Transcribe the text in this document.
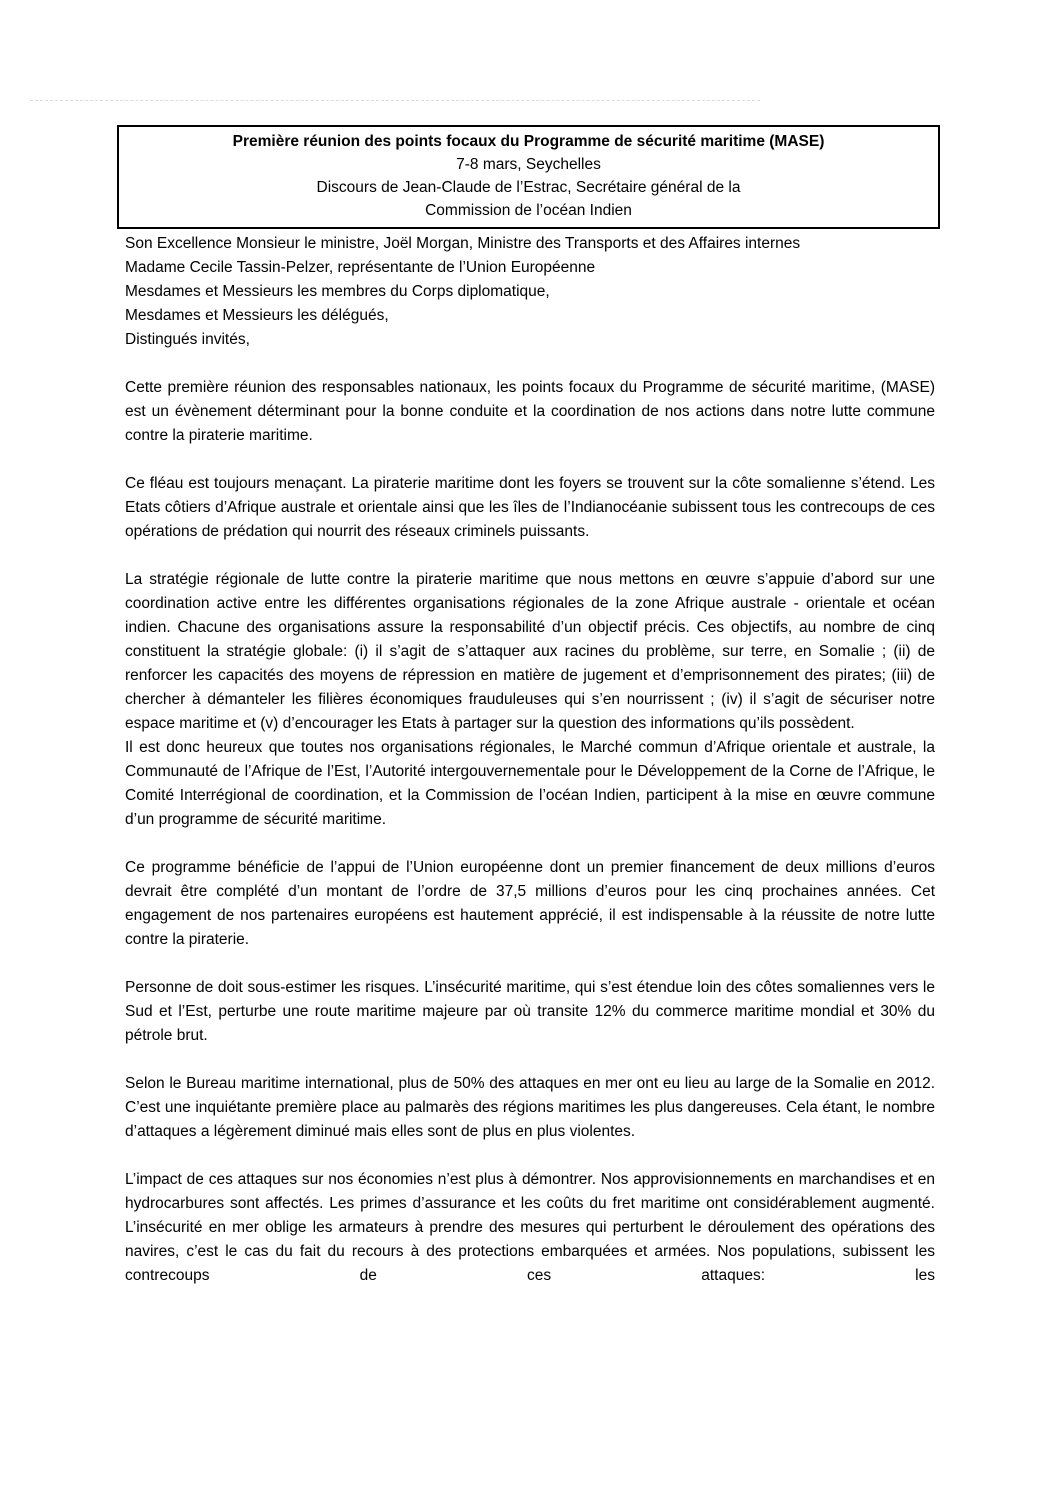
Première réunion des points focaux du Programme de sécurité maritime (MASE)
7-8 mars, Seychelles
Discours de Jean-Claude de l’Estrac, Secrétaire général de la
Commission de l’océan Indien
Son Excellence Monsieur le ministre, Joël Morgan, Ministre des Transports et des Affaires internes
Madame Cecile Tassin-Pelzer, représentante de l’Union Européenne
Mesdames et Messieurs les membres du Corps diplomatique,
Mesdames et Messieurs les délégués,
Distingués invités,
Cette première réunion des responsables nationaux, les points focaux du Programme de sécurité maritime, (MASE) est un évènement déterminant pour la bonne conduite et la coordination de nos actions dans notre lutte commune contre la piraterie maritime.
Ce fléau est toujours menaçant. La piraterie maritime dont les foyers se trouvent sur la côte somalienne s’étend. Les Etats côtiers d’Afrique australe et orientale ainsi que les îles de l’Indianocéanie subissent tous les contrecoups de ces opérations de prédation qui nourrit des réseaux criminels puissants.
La stratégie régionale de lutte contre la piraterie maritime que nous mettons en œuvre s’appuie d’abord sur une coordination active entre les différentes organisations régionales de la zone Afrique australe - orientale et océan indien. Chacune des organisations assure la responsabilité d’un objectif précis. Ces objectifs, au nombre de cinq constituent la stratégie globale: (i) il s’agit de s’attaquer aux racines du problème, sur terre, en Somalie ; (ii) de renforcer les capacités des moyens de répression en matière de jugement et d’emprisonnement des pirates; (iii) de chercher à démanteler les filières économiques frauduleuses qui s’en nourrissent ; (iv) il s’agit de sécuriser notre espace maritime et (v) d’encourager les Etats à partager sur la question des informations qu’ils possèdent.
Il est donc heureux que toutes nos organisations régionales, le Marché commun d’Afrique orientale et australe, la Communauté de l’Afrique de l’Est, l’Autorité intergouvernementale pour le Développement de la Corne de l’Afrique, le Comité Interrégional de coordination, et la Commission de l’océan Indien, participent à la mise en œuvre commune d’un programme de sécurité maritime.
Ce programme bénéficie de l’appui de l’Union européenne dont un premier financement de deux millions d’euros devrait être complété d’un montant de l’ordre de 37,5 millions d’euros pour les cinq prochaines années. Cet engagement de nos partenaires européens est hautement apprécié, il est indispensable à la réussite de notre lutte contre la piraterie.
Personne de doit sous-estimer les risques. L’insécurité maritime, qui s’est étendue loin des côtes somaliennes vers le Sud et l’Est, perturbe une route maritime majeure par où transite 12% du commerce maritime mondial et 30% du pétrole brut.
Selon le Bureau maritime international, plus de 50% des attaques en mer ont eu lieu au large de la Somalie en 2012. C’est une inquiétante première place au palmarès des régions maritimes les plus dangereuses. Cela étant, le nombre d’attaques a légèrement diminué mais elles sont de plus en plus violentes.
L’impact de ces attaques sur nos économies n’est plus à démontrer. Nos approvisionnements en marchandises et en hydrocarbures sont affectés. Les primes d’assurance et les coûts du fret maritime ont considérablement augmenté. L’insécurité en mer oblige les armateurs à prendre des mesures qui perturbent le déroulement des opérations des navires, c’est le cas du fait du recours à des protections embarquées et armées. Nos populations, subissent les contrecoups de ces attaques: les
